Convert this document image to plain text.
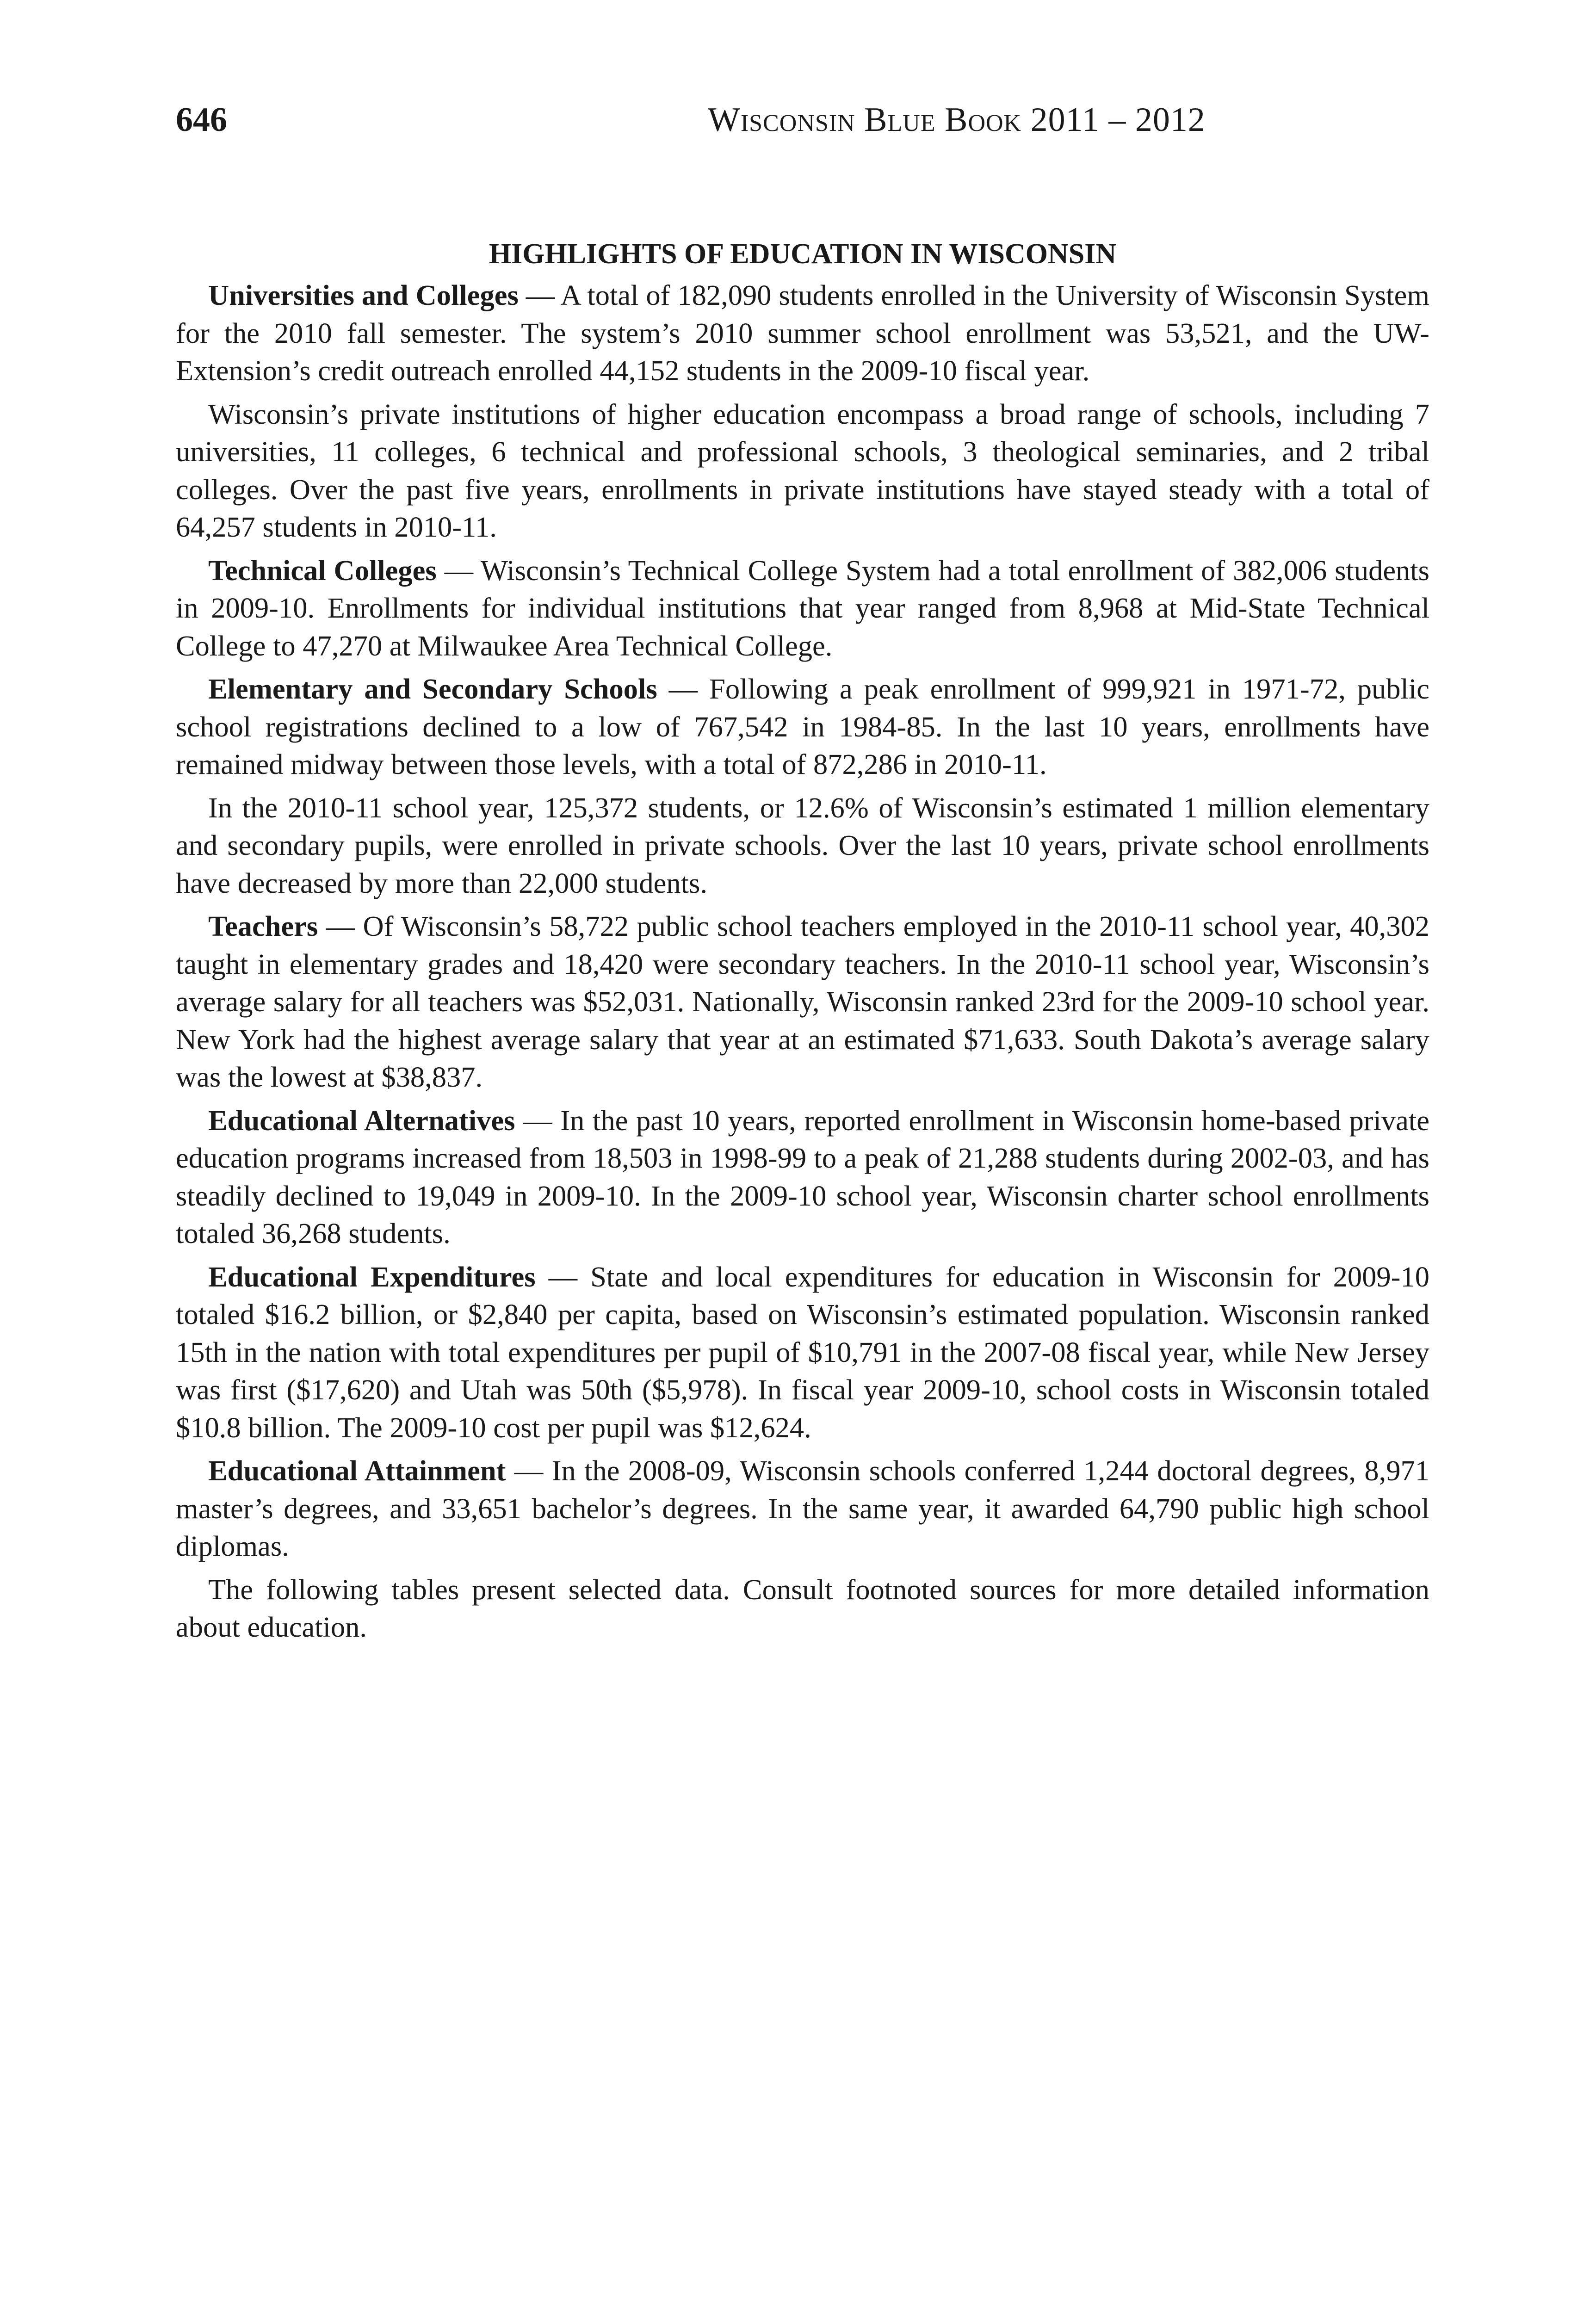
646	Wisconsin Blue Book 2011 – 2012
HIGHLIGHTS OF EDUCATION IN WISCONSIN

Universities and Colleges — A total of 182,090 students enrolled in the University of Wisconsin System for the 2010 fall semester. The system’s 2010 summer school enrollment was 53,521, and the UW-Extension’s credit outreach enrolled 44,152 students in the 2009-10 fiscal year.

Wisconsin’s private institutions of higher education encompass a broad range of schools, including 7 universities, 11 colleges, 6 technical and professional schools, 3 theological seminaries, and 2 tribal colleges. Over the past five years, enrollments in private institutions have stayed steady with a total of 64,257 students in 2010-11.

Technical Colleges — Wisconsin’s Technical College System had a total enrollment of 382,006 students in 2009-10. Enrollments for individual institutions that year ranged from 8,968 at Mid-State Technical College to 47,270 at Milwaukee Area Technical College.

Elementary and Secondary Schools — Following a peak enrollment of 999,921 in 1971-72, public school registrations declined to a low of 767,542 in 1984-85. In the last 10 years, enrollments have remained midway between those levels, with a total of 872,286 in 2010-11.

In the 2010-11 school year, 125,372 students, or 12.6% of Wisconsin’s estimated 1 million elementary and secondary pupils, were enrolled in private schools. Over the last 10 years, private school enrollments have decreased by more than 22,000 students.

Teachers — Of Wisconsin’s 58,722 public school teachers employed in the 2010-11 school year, 40,302 taught in elementary grades and 18,420 were secondary teachers. In the 2010-11 school year, Wisconsin’s average salary for all teachers was $52,031. Nationally, Wisconsin ranked 23rd for the 2009-10 school year. New York had the highest average salary that year at an estimated $71,633. South Dakota’s average salary was the lowest at $38,837.

Educational Alternatives — In the past 10 years, reported enrollment in Wisconsin home-based private education programs increased from 18,503 in 1998-99 to a peak of 21,288 students during 2002-03, and has steadily declined to 19,049 in 2009-10. In the 2009-10 school year, Wisconsin charter school enrollments totaled 36,268 students.

Educational Expenditures — State and local expenditures for education in Wisconsin for 2009-10 totaled $16.2 billion, or $2,840 per capita, based on Wisconsin’s estimated population. Wisconsin ranked 15th in the nation with total expenditures per pupil of $10,791 in the 2007-08 fiscal year, while New Jersey was first ($17,620) and Utah was 50th ($5,978). In fiscal year 2009-10, school costs in Wisconsin totaled $10.8 billion. The 2009-10 cost per pupil was $12,624.

Educational Attainment — In the 2008-09, Wisconsin schools conferred 1,244 doctoral degrees, 8,971 master’s degrees, and 33,651 bachelor’s degrees. In the same year, it awarded 64,790 public high school diplomas.

The following tables present selected data. Consult footnoted sources for more detailed information about education.
